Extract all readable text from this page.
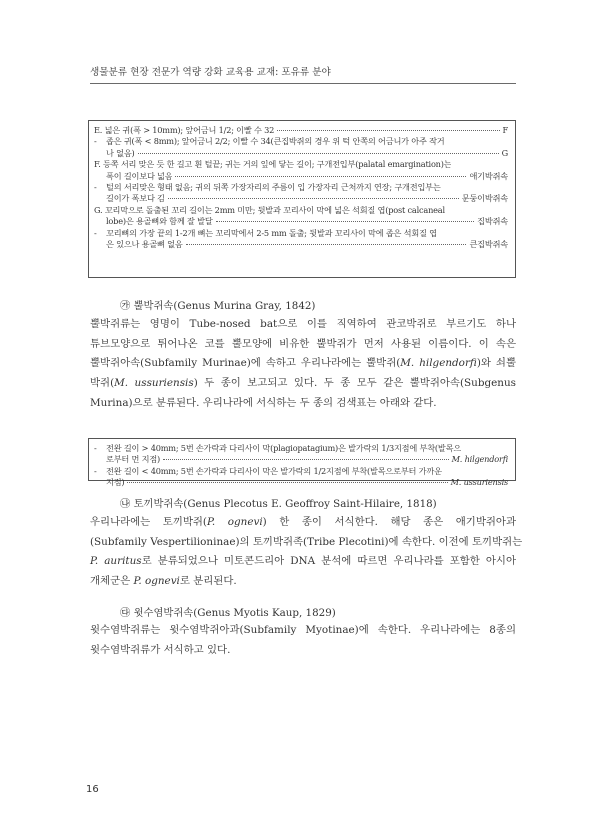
생물분류 현장 전문가 역량 강화 교육용 교재: 포유류 분야
E. 넓은 귀(폭 > 10mm); 앞어금니 1/2; 이빨 수 32	F
-	좁은 귀(폭 < 8mm); 앞어금니 2/2; 이빨 수 34(큰집박쥐의 경우 위 턱 안쪽의 어금니가 아주 작거
나 없음)	G
F. 등쪽 서리 맞은 듯 한 길고 흰 털끝; 귀는 거의 잎에 닿는 길이; 구개전입부(palatal emargination)는
폭이 길이보다 넓음	애기박쥐속
-	털의 서리맞은 형태 없음; 귀의 뒤쪽 가장자리의 주름이 입 가장자리 근처까지 연장; 구개전입부는
길이가 폭보다 김	문둥이박쥐속
G. 꼬리막으로 돌출된 꼬리 길이는 2mm 미만; 뒷발과 꼬리사이 막에 넓은 석회질 엽(post calcaneal
lobe)은 용골뼈와 함께 잘 발달	집박쥐속
-	꼬리뼈의 가장 끝의 1-2개 뼈는 꼬리막에서 2-5 mm 돌출; 뒷발과 꼬리사이 막에 좁은 석회질 엽
은 있으나 용골뼈 없음	큰집박쥐속
㉮ 뿔박쥐속(Genus Murina Gray, 1842)
뿔박쥐류는 영명이 Tube-nosed bat으로 이를 직역하여 관코박쥐로 부르기도 하나
튜브모양으로 튀어나온 코를 뿔모양에 비유한 뿔박쥐가 먼저 사용된 이름이다. 이 속은
뿔박쥐아속(Subfamily Murinae)에 속하고 우리나라에는 뿔박쥐(M. hilgendorfi)와 쇠뿔
박쥐(M. ussuriensis) 두 종이 보고되고 있다. 두 종 모두 같은 뿔박쥐아속(Subgenus
Murina)으로 분류된다. 우리나라에 서식하는 두 종의 검색표는 아래와 같다.
-	전완 길이 > 40mm; 5번 손가락과 다리사이 막(plagiopatagium)은 발가락의 1/3지점에 부착(발목으
로부터 먼 지점)	M. hilgendorfi
-	전완 길이 < 40mm; 5번 손가락과 다리사이 막은 발가락의 1/2지점에 부착(발목으로부터 가까운
지점)	M. ussuriensis
㉯ 토끼박쥐속(Genus Plecotus E. Geoffroy Saint-Hilaire, 1818)
우리나라에는 토끼박쥐(P. ognevi) 한 종이 서식한다. 해당 종은 애기박쥐아과
(Subfamily Vespertilioninae)의 토끼박쥐족(Tribe Plecotini)에 속한다. 이전에 토끼박쥐는
P. auritus로 분류되었으나 미토콘드리아 DNA 분석에 따르면 우리나라를 포함한 아시아
개체군은 P. ognevi로 분리된다.
㉰ 윗수염박쥐속(Genus Myotis Kaup, 1829)
윗수염박쥐류는 윗수염박쥐아과(Subfamily Myotinae)에 속한다. 우리나라에는 8종의
윗수염박쥐류가 서식하고 있다.
16
